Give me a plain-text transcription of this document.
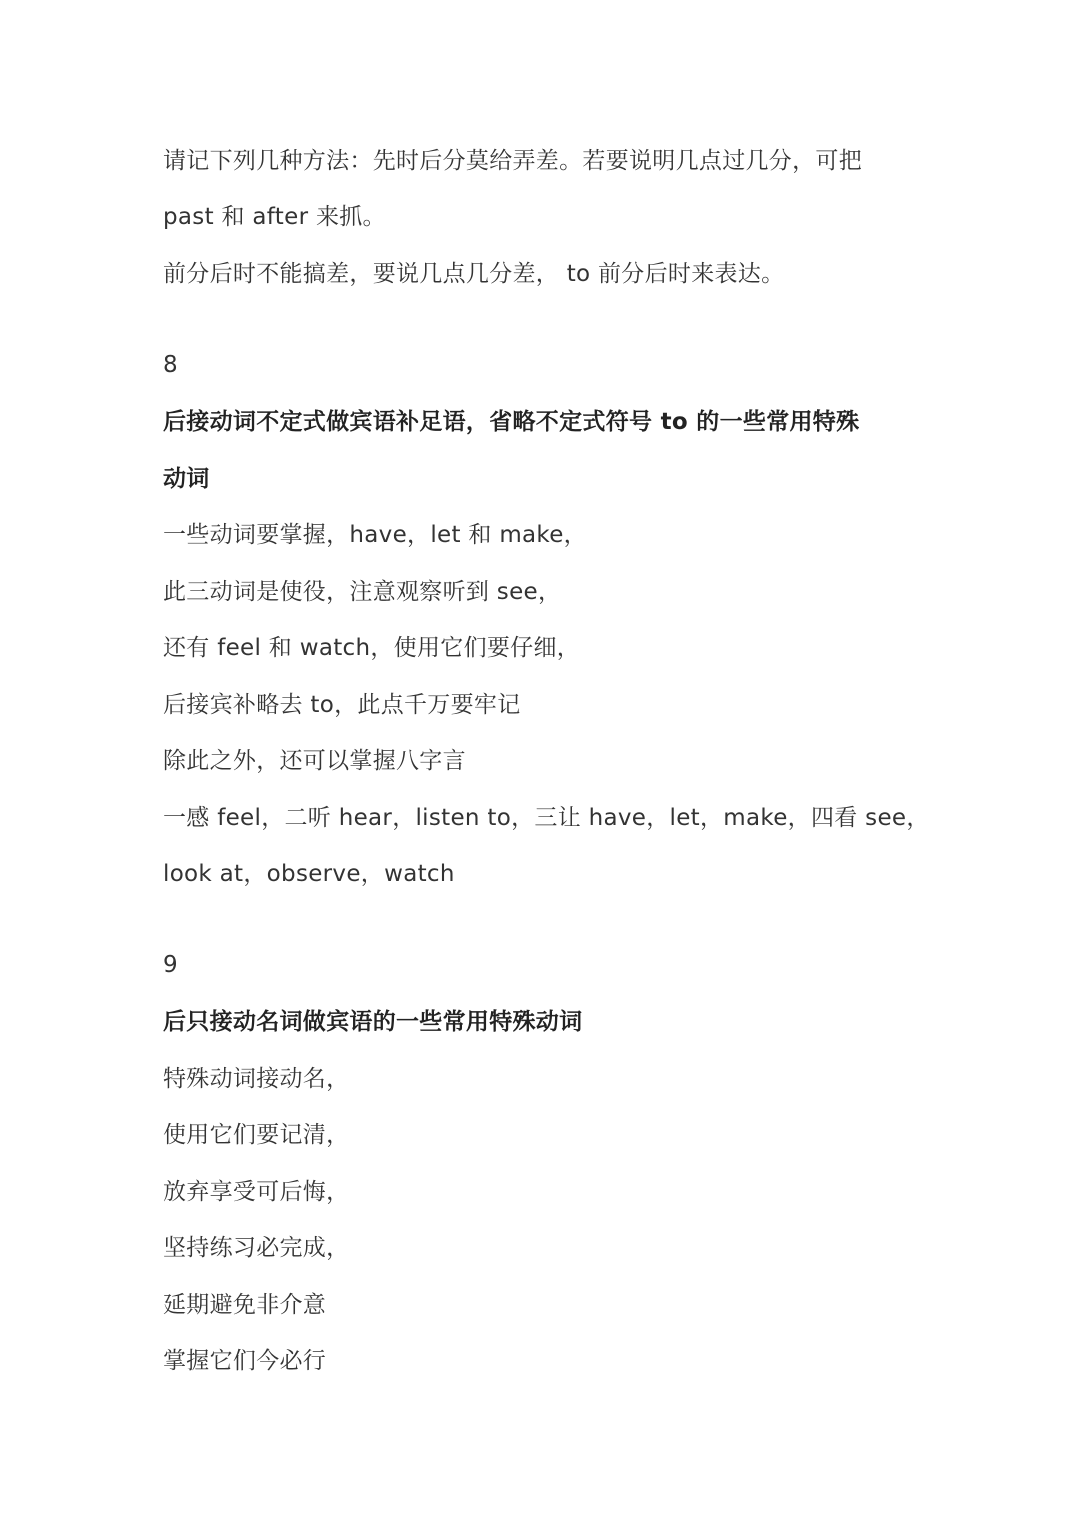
请记下列几种方法：先时后分莫给弄差。若要说明几点过几分，可把
past 和 after 来抓。
前分后时不能搞差，要说几点几分差， to 前分后时来表达。
8
后接动词不定式做宾语补足语，省略不定式符号 to 的一些常用特殊
动词
一些动词要掌握，have，let 和 make，
此三动词是使役，注意观察听到 see，
还有 feel 和 watch，使用它们要仔细，
后接宾补略去 to，此点千万要牢记
除此之外，还可以掌握八字言
一感 feel，二听 hear，listen to，三让 have，let，make，四看 see，
look at，observe，watch
9
后只接动名词做宾语的一些常用特殊动词
特殊动词接动名，
使用它们要记清，
放弃享受可后悔，
坚持练习必完成，
延期避免非介意
掌握它们今必行
